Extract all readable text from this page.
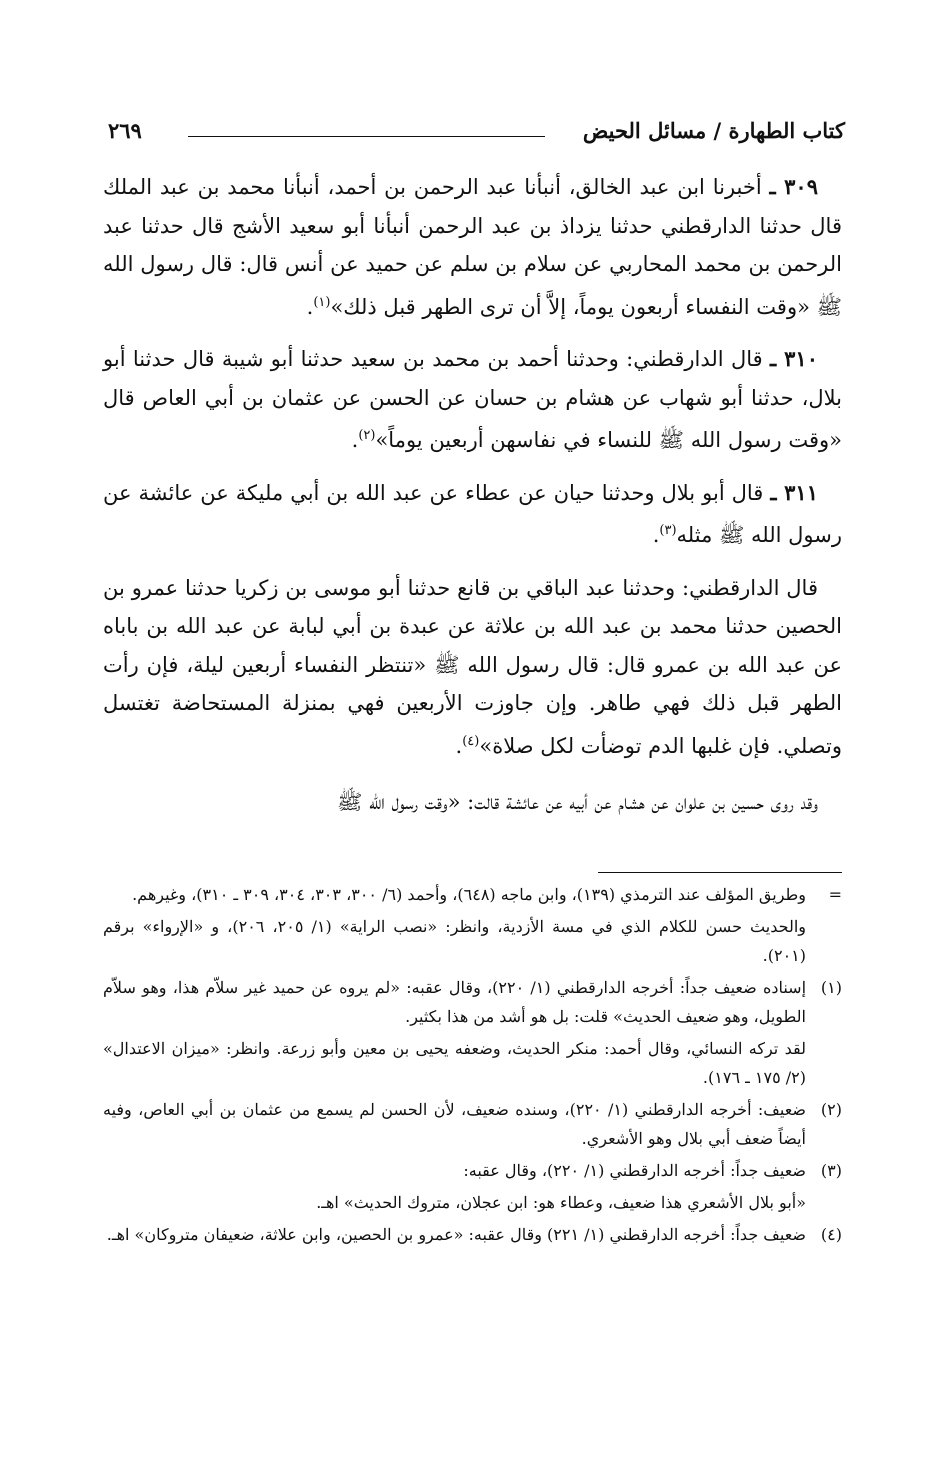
كتاب الطهارة / مسائل الحيض
٢٦٩

٣٠٩ ـ أخبرنا ابن عبد الخالق، أنبأنا عبد الرحمن بن أحمد، أنبأنا محمد بن عبد الملك قال حدثنا الدارقطني حدثنا يزداذ بن عبد الرحمن أنبأنا أبو سعيد الأشج قال حدثنا عبد الرحمن بن محمد المحاربي عن سلام بن سلم عن حميد عن أنس قال: قال رسول الله ﷺ «وقت النفساء أربعون يوماً، إلاَّ أن ترى الطهر قبل ذلك»$^{(١)}$.

٣١٠ ـ قال الدارقطني: وحدثنا أحمد بن محمد بن سعيد حدثنا أبو شيبة قال حدثنا أبو بلال، حدثنا أبو شهاب عن هشام بن حسان عن الحسن عن عثمان بن أبي العاص قال «وقت رسول الله ﷺ للنساء في نفاسهن أربعين يوماً»$^{(٢)}$.

٣١١ ـ قال أبو بلال وحدثنا حيان عن عطاء عن عبد الله بن أبي مليكة عن عائشة عن رسول الله ﷺ مثله$^{(٣)}$.

قال الدارقطني: وحدثنا عبد الباقي بن قانع حدثنا أبو موسى بن زكريا حدثنا عمرو بن الحصين حدثنا محمد بن عبد الله بن علاثة عن عبدة بن أبي لبابة عن عبد الله بن باباه عن عبد الله بن عمرو قال: قال رسول الله ﷺ «تنتظر النفساء أربعين ليلة، فإن رأت الطهر قبل ذلك فهي طاهر. وإن جاوزت الأربعين فهي بمنزلة المستحاضة تغتسل وتصلي. فإن غلبها الدم توضأت لكل صلاة»$^{(٤)}$.

وقد روى حسين بن علوان عن هشام عن أبيه عن عائشة قالت: «وقت رسول الله ﷺ

=وطريق المؤلف عند الترمذي (١٣٩)، وابن ماجه (٦٤٨)، وأحمد (٦/ ٣٠٠، ٣٠٣، ٣٠٤، ٣٠٩ ـ ٣١٠)، وغيرهم.

والحديث حسن للكلام الذي في مسة الأزدية، وانظر: «نصب الراية» (١/ ٢٠٥، ٢٠٦)، و «الإرواء» برقم (٢٠١).

(١)إسناده ضعيف جداً: أخرجه الدارقطني (١/ ٢٢٠)، وقال عقبه: «لم يروه عن حميد غير سلاّم هذا، وهو سلاّم الطويل، وهو ضعيف الحديث» قلت: بل هو أشد من هذا بكثير.

لقد تركه النسائي، وقال أحمد: منكر الحديث، وضعفه يحيى بن معين وأبو زرعة. وانظر: «ميزان الاعتدال» (٢/ ١٧٥ ـ ١٧٦).

(٢)ضعيف: أخرجه الدارقطني (١/ ٢٢٠)، وسنده ضعيف، لأن الحسن لم يسمع من عثمان بن أبي العاص، وفيه أيضاً ضعف أبي بلال وهو الأشعري.

(٣)ضعيف جداً: أخرجه الدارقطني (١/ ٢٢٠)، وقال عقبه:

«أبو بلال الأشعري هذا ضعيف، وعطاء هو: ابن عجلان، متروك الحديث» اهـ.

(٤)ضعيف جداً: أخرجه الدارقطني (١/ ٢٢١) وقال عقبه: «عمرو بن الحصين، وابن علاثة، ضعيفان متروكان» اهـ.
